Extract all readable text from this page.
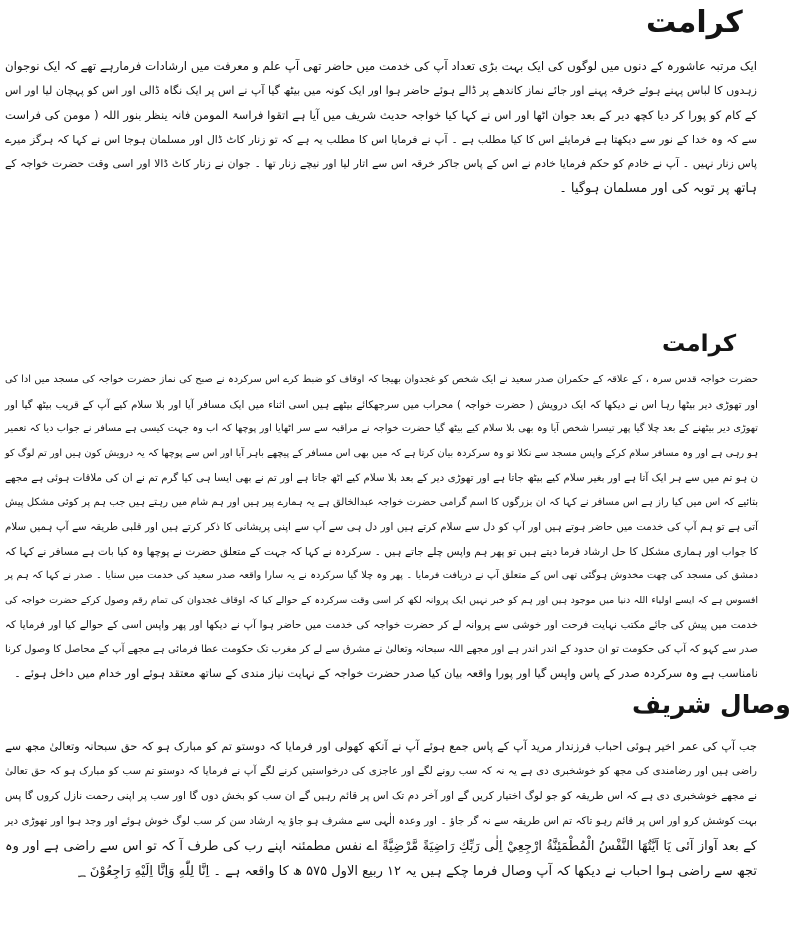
کرامت
ایک مرتبہ عاشورہ کے دنوں میں لوگوں کی ایک بہت بڑی تعداد آپ کی خدمت میں حاضر تھی آپ علم و معرفت میں ارشادات فرمارہے تھے کہ ایک نوجوان
زہدوں کا لباس پہنے ہوئے خرقہ پہنے اور جائے نماز کاندھے پر ڈالے ہوئے حاضر ہوا اور ایک کونہ میں بیٹھ گیا آپ نے اس پر ایک نگاہ ڈالی اور اس کو پہچان لیا اور اس
کے کام کو پورا کر دیا کچھ دیر کے بعد جوان اٹھا اور اس نے کہا کیا خواجہ حدیث شریف میں آیا ہے اتقوا فراسۃ المومن فانہ ینظر بنور اللہ ( مومن کی فراست
سے کہ وہ خدا کے نور سے دیکھتا ہے فرمایئے اس کا کیا مطلب ہے ۔ آپ نے فرمایا اس کا مطلب یہ ہے کہ تو زنار کاٹ ڈال اور مسلمان ہوجا اس نے کہا کہ ہرگز میرے
پاس زنار نہیں ۔ آپ نے خادم کو حکم فرمایا خادم نے اس کے پاس جاکر خرقہ اس سے اتار لیا اور نیچے زنار تھا ۔ جوان نے زنار کاٹ ڈالا اور اسی وقت حضرت خواجہ کے
ہاتھ پر توبہ کی اور مسلمان ہوگیا ۔
کرامت
حضرت خواجہ قدس سرہ ، کے علاقہ کے حکمران صدر سعید نے ایک شخص کو غجدوان بھیجا کہ اوقاف کو ضبط کرے اس سرکردہ نے صبح کی نماز حضرت خواجہ کی مسجد میں ادا کی
اور تھوڑی دیر بیٹھا رہا اس نے دیکھا کہ ایک درویش ( حضرت خواجہ ) محراب میں سرجھکائے بیٹھے ہیں اسی اثناء میں ایک مسافر آیا اور بلا سلام کیے آپ کے قریب بیٹھ گیا اور
تھوڑی دیر بیٹھنے کے بعد چلا گیا پھر تیسرا شخص آیا وہ بھی بلا سلام کیے بیٹھ گیا حضرت خواجہ نے مراقبہ سے سر اٹھایا اور پوچھا کہ اب وہ جہت کیسی ہے مسافر نے جواب دیا کہ تعمیر
ہو رہی ہے اور وہ مسافر سلام کرکے واپس مسجد سے نکلا تو وہ سرکردہ بیان کرتا ہے کہ میں بھی اس مسافر کے پیچھے باہر آیا اور اس سے پوچھا کہ یہ درویش کون ہیں اور تم لوگ کو
ن ہو تم میں سے ہر ایک آتا ہے اور بغیر سلام کیے بیٹھ جاتا ہے اور تھوڑی دیر کے بعد بلا سلام کیے اٹھ جاتا ہے اور تم نے بھی ایسا ہی کیا گرم تم نے ان کی ملاقات ہوئی ہے مجھے
بتائیے کہ اس میں کیا راز ہے اس مسافر نے کہا کہ ان بزرگوں کا اسم گرامی حضرت خواجہ عبدالخالق ہے یہ ہمارے پیر ہیں اور ہم شام میں رہتے ہیں جب ہم پر کوئی مشکل پیش
آتی ہے تو ہم آپ کی خدمت میں حاضر ہوتے ہیں اور آپ کو دل سے سلام کرتے ہیں اور دل ہی سے آپ سے اپنی پریشانی کا ذکر کرتے ہیں اور قلبی طریقہ سے آپ ہمیں سلام
کا جواب اور ہماری مشکل کا حل ارشاد فرما دیتے ہیں تو پھر ہم واپس چلے جاتے ہیں ۔ سرکردہ نے کہا کہ جہت کے متعلق حضرت نے پوچھا وہ کیا بات ہے مسافر نے کہا کہ
دمشق کی مسجد کی چھت مخدوش ہوگئی تھی اس کے متعلق آپ نے دریافت فرمایا ۔ پھر وہ چلا گیا سرکردہ نے یہ سارا واقعہ صدر سعید کی خدمت میں سنایا ۔ صدر نے کہا کہ ہم پر
افسوس ہے کہ ایسے اولیاء اللہ دنیا میں موجود ہیں اور ہم کو خبر نہیں ایک پروانہ لکھ کر اسی وقت سرکردہ کے حوالے کیا کہ اوقاف غجدوان کی تمام رقم وصول کرکے حضرت خواجہ کی
خدمت میں پیش کی جائے مکتب نہایت فرحت اور خوشی سے پروانہ لے کر حضرت خواجہ کی خدمت میں حاضر ہوا آپ نے دیکھا اور پھر واپس اسی کے حوالے کیا اور فرمایا کہ
صدر سے کہو کہ آپ کی حکومت تو ان حدود کے اندر اندر ہے اور مجھے اللہ سبحانہ وتعالیٰ نے مشرق سے لے کر مغرب تک حکومت عطا فرمائی ہے مجھے آپ کے محاصل کا وصول کرنا
نامناسب ہے وہ سرکردہ صدر کے پاس واپس گیا اور پورا واقعہ بیان کیا صدر حضرت خواجہ کے نہایت نیاز مندی کے ساتھ معتقد ہوئے اور خدام میں داخل ہوئے ۔
وصال شریف
جب آپ کی عمر اخیر ہوئی احباب فرزندار مرید آپ کے پاس جمع ہوئے آپ نے آنکھ کھولی اور فرمایا کہ دوستو تم کو مبارک ہو کہ حق سبحانہ وتعالیٰ مجھ سے
راضی ہیں اور رضامندی کی مجھ کو خوشخبری دی ہے یہ نہ کہ سب رونے لگے اور عاجزی کی درخواستیں کرنے لگے آپ نے فرمایا کہ دوستو تم سب کو مبارک ہو کہ حق تعالیٰ
نے مجھے خوشخبری دی ہے کہ اس طریقہ کو جو لوگ اختیار کریں گے اور آخر دم تک اس پر قائم رہیں گے ان سب کو بخش دوں گا اور سب پر اپنی رحمت نازل کروں گا پس
بہت کوشش کرو اور اس پر قائم رہو تاکہ تم اس طریقہ سے نہ گر جاؤ ۔ اور وعدہ الٰہی سے مشرف ہو جاؤ یہ ارشاد سن کر سب لوگ خوش ہوئے اور وجد ہوا اور تھوڑی دیر
کے بعد آواز آئی یَا اَیَّتُهَا النَّفْسُ الْمُطْمَئِنَّةُ ارْجِعِيْ اِلٰى رَبِّكِ رَاضِيَةً مَّرْضِيَّةً اے نفس مطمئنہ اپنے رب کی طرف آ کہ تو اس سے راضی ہے اور وہ
تجھ سے راضی ہوا احباب نے دیکھا کہ آپ وصال فرما چکے ہیں یہ ۱۲ ربیع الاول ۵۷۵ ھ کا واقعہ ہے ۔ اِنَّا لِلّٰهِ وَاِنَّا اِلَيْهِ رَاجِعُوْنَ ؁
